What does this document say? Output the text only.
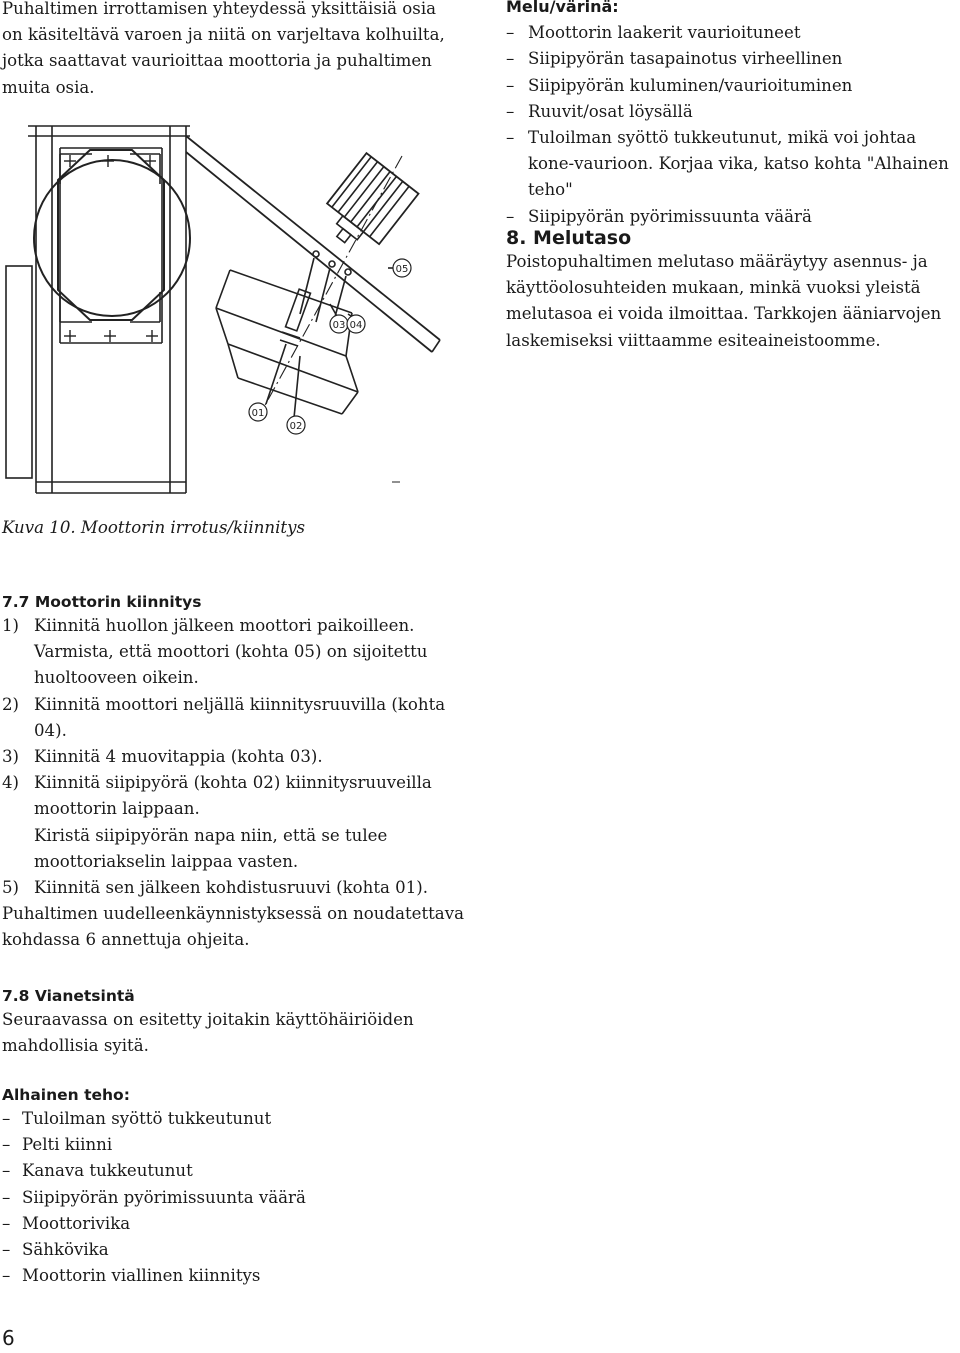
Puhaltimen irrottamisen yhteydessä yksittäisiä osia on käsiteltävä varoen ja niitä on varjeltava kolhuilta, jotka saattavat vaurioittaa moottoria ja puhaltimen muita osia.
Melu/värinä:
– Moottorin laakerit vaurioituneet
– Siipipyörän tasapainotus virheellinen
– Siipipyörän kuluminen/vaurioituminen
– Ruuvit/osat löysällä
– Tuloilman syöttö tukkeutunut, mikä voi johtaa kone-vaurioon. Korjaa vika, katso kohta "Alhainen teho"
– Siipipyörän pyörimissuunta väärä
8. Melutaso
Poistopuhaltimen melutaso määräytyy asennus- ja käyttöolosuhteiden mukaan, minkä vuoksi yleistä melutasoa ei voida ilmoittaa. Tarkkojen ääniarvojen laskemiseksi viittaamme esiteaineistoomme.
05
03 04
01
02
Kuva 10. Moottorin irrotus/kiinnitys
7.7 Moottorin kiinnitys
1) Kiinnitä huollon jälkeen moottori paikoilleen. Varmista, että moottori (kohta 05) on sijoitettu huoltooveen oikein.
2) Kiinnitä moottori neljällä kiinnitysruuvilla (kohta 04).
3) Kiinnitä 4 muovitappia (kohta 03).
4) Kiinnitä siipipyörä (kohta 02) kiinnitysruuveilla moottorin laippaan.
Kiristä siipipyörän napa niin, että se tulee moottoriakselin laippaa vasten.
5) Kiinnitä sen jälkeen kohdistusruuvi (kohta 01).
Puhaltimen uudelleenkäynnistyksessä on noudatettava kohdassa 6 annettuja ohjeita.
7.8 Vianetsintä
Seuraavassa on esitetty joitakin käyttöhäiriöiden mahdollisia syitä.
Alhainen teho:
– Tuloilman syöttö tukkeutunut
– Pelti kiinni
– Kanava tukkeutunut
– Siipipyörän pyörimissuunta väärä
– Moottorivika
– Sähkövika
– Moottorin viallinen kiinnitys
6
